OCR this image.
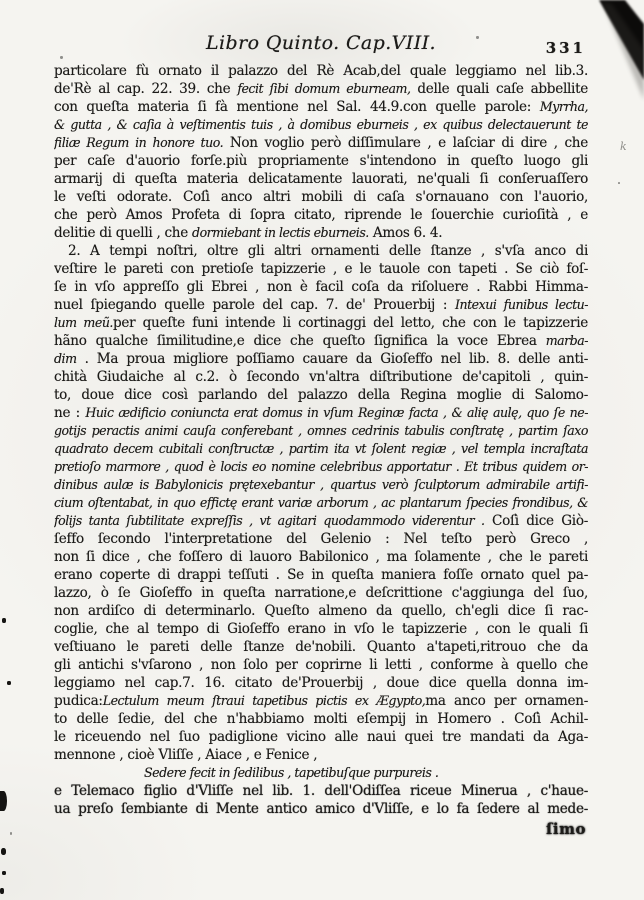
Libro Quinto. Cap.VIII.	331
particolare fù ornato il palazzo del Rè Acab,del quale leggiamo nel lib.3.
de'Rè al cap. 22. 39. che fecit ſibi domum eburneam, delle quali caſe abbellite
con queſta materia ſi fà mentione nel Sal. 44.9.con quelle parole: Myrrha,
& gutta , & caſia à veſtimentis tuis , à domibus eburneis , ex quibus delectauerunt te
filiæ Regum in honore tuo. Non voglio però diſſimulare , e laſciar di dire , che
per caſe d'auorio forſe.più propriamente s'intendono in queſto luogo gli
armarij di queſta materia delicatamente lauorati, ne'quali ſi conſeruaſſero
le veſti odorate. Coſì anco altri mobili di caſa s'ornauano con l'auorio,
che però Amos Profeta di ſopra citato, riprende le ſouerchie curioſità , e
delitie di quelli , che dormiebant in lectis eburneis. Amos 6. 4.
2. A tempi noſtri, oltre gli altri ornamenti delle ſtanze , s'vſa anco di
veſtire le pareti con pretioſe tapizzerie , e le tauole con tapeti . Se ciò foſ-
ſe in vſo appreſſo gli Ebrei , non è facil coſa da riſoluere . Rabbi Himma-
nuel ſpiegando quelle parole del cap. 7. de' Prouerbij : Intexui funibus lectu-
lum meũ.per queſte funi intende li cortinaggi del letto, che con le tapizzerie
hãno qualche ſimilitudine,e dice che queſto ſignifica la voce Ebrea marba-
dim . Ma proua migliore poſſiamo cauare da Gioſeffo nel lib. 8. delle anti-
chità Giudaiche al c.2. ò ſecondo vn'altra diſtributione de'capitoli , quin-
to, doue dice così parlando del palazzo della Regina moglie di Salomo-
ne : Huic ædificio coniuncta erat domus in vſum Reginæ facta , & alię aulę, quo ſe ne-
gotijs peractis animi cauſa conferebant , omnes cedrinis tabulis conſtratę , partim ſaxo
quadrato decem cubitali conſtructæ , partim ita vt ſolent regiæ , vel templa incraſtata
pretioſo marmore , quod è locis eo nomine celebribus apportatur . Et tribus quidem or-
dinibus aulæ is Babylonicis prętexebantur , quartus verò ſculptorum admirabile artifi-
cium oſtentabat, in quo effictę erant variæ arborum , ac plantarum ſpecies frondibus, &
folijs tanta ſubtilitate expreſſis , vt agitari quodammodo viderentur . Coſì dice Giò-
ſeffo ſecondo l'interpretatione del Gelenio : Nel teſto però Greco ,
non ſi dice , che foſſero di lauoro Babilonico , ma ſolamente , che le pareti
erano coperte di drappi teſſuti . Se in queſta maniera foſſe ornato quel pa-
lazzo, ò ſe Gioſeffo in queſta narratione,e deſcrittione c'aggiunga del ſuo,
non ardiſco di determinarlo. Queſto almeno da quello, ch'egli dice ſi rac-
coglie, che al tempo di Gioſeffo erano in vſo le tapizzerie , con le quali ſi
veſtiuano le pareti delle ſtanze de'nobili. Quanto a'tapeti,ritrouo che da
gli antichi s'vſarono , non ſolo per coprirne li letti , conforme à quello che
leggiamo nel cap.7. 16. citato de'Prouerbij , doue dice quella donna im-
pudica:Lectulum meum ſtraui tapetibus pictis ex Ægypto,ma anco per ornamen-
to delle ſedie, del che n'habbiamo molti eſempij in Homero . Coſì Achil-
le riceuendo nel ſuo padiglione vicino alle naui quei tre mandati da Aga-
mennone , cioè Vliſſe , Aiace , e Fenice ,
Sedere fecit in ſedilibus , tapetibuſque purpureis .
e Telemaco figlio d'Vliſſe nel lib. 1. dell'Odiſſea riceue Minerua , c'haue-
ua preſo ſembiante di Mente antico amico d'Vliſſe, e lo fa ſedere al mede-
ſimo
k
